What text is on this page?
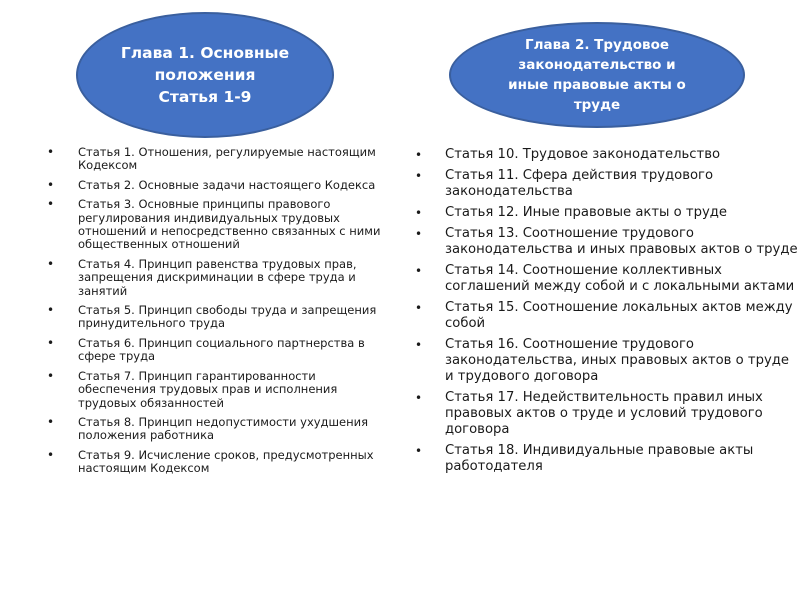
Глава 1. Основные
положения
Статья 1-9
Глава 2. Трудовое
законодательство и
иные правовые акты о
труде
• Статья 1. Отношения, регулируемые настоящим Кодексом
• Статья 2. Основные задачи настоящего Кодекса
• Статья 3. Основные принципы правового регулирования индивидуальных трудовых отношений и непосредственно связанных с ними общественных отношений
• Статья 4. Принцип равенства трудовых прав, запрещения дискриминации в сфере труда и занятий
• Статья 5. Принцип свободы труда и запрещения принудительного труда
• Статья 6. Принцип социального партнерства в сфере труда
• Статья 7. Принцип гарантированности обеспечения трудовых прав и исполнения трудовых обязанностей
• Статья 8. Принцип недопустимости ухудшения положения работника
• Статья 9. Исчисление сроков, предусмотренных настоящим Кодексом
• Статья 10. Трудовое законодательство
• Статья 11. Сфера действия трудового законодательства
• Статья 12. Иные правовые акты о труде
• Статья 13. Соотношение трудового законодательства и иных правовых актов о труде
• Статья 14. Соотношение коллективных соглашений между собой и с локальными актами
• Статья 15. Соотношение локальных актов между собой
• Статья 16. Соотношение трудового законодательства, иных правовых актов о труде и трудового договора
• Статья 17. Недействительность правил иных правовых актов о труде и условий трудового договора
• Статья 18. Индивидуальные правовые акты работодателя
